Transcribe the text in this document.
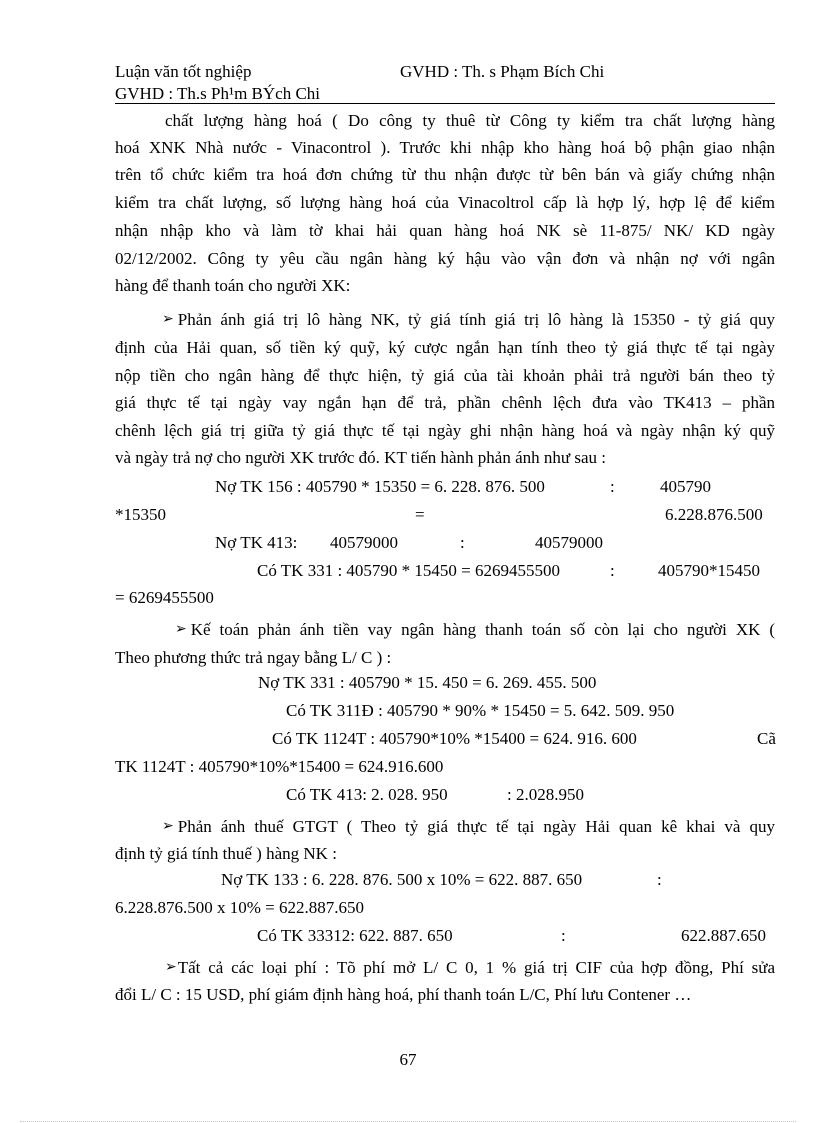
Luận văn tốt nghiệp	GVHD : Th. s Phạm Bích Chi
GVHD : Th.s Ph¹m BÝch Chi
chất lượng hàng hoá ( Do công ty thuê từ Công ty kiểm tra chất lượng hàng
hoá XNK Nhà nước - Vinacontrol ). Trước khi nhập kho hàng hoá bộ phận giao nhận
trên tổ chức kiểm tra hoá đơn chứng từ thu nhận được từ bên bán và giấy chứng nhận
kiểm tra chất lượng, số lượng hàng hoá của Vinacoltrol cấp là hợp lý, hợp lệ để kiểm
nhận nhập kho và làm tờ khai hải quan hàng hoá NK sè 11-875/ NK/ KD ngày
02/12/2002. Công ty yêu cầu ngân hàng ký hậu vào vận đơn và nhận nợ với ngân
hàng để thanh toán cho người XK:
➢ Phản ánh giá trị lô hàng NK, tỷ giá tính giá trị lô hàng là 15350 - tỷ giá quy
định của Hải quan, số tiền ký quỹ, ký cược ngắn hạn tính theo tỷ giá thực tế tại ngày
nộp tiền cho ngân hàng để thực hiện, tỷ giá của tài khoản phải trả người bán theo tỷ
giá thực tế tại ngày vay ngắn hạn để trả, phần chênh lệch đưa vào TK413 – phần
chênh lệch giá trị giữa tỷ giá thực tế tại ngày ghi nhận hàng hoá và ngày nhận ký quỹ
và ngày trả nợ cho người XK trước đó. KT tiến hành phản ánh như sau :
Nợ TK 156 : 405790 * 15350 = 6. 228. 876. 500	:	405790
*15350	=	6.228.876.500
Nợ TK 413: 40579000	:	40579000
Có TK 331 : 405790 * 15450 = 6269455500	:	405790*15450
= 6269455500
➢ Kế toán phản ánh tiền vay ngân hàng thanh toán số còn lại cho người XK (
Theo phương thức trả ngay bằng L/ C ) :
Nợ TK 331 : 405790 * 15. 450 = 6. 269. 455. 500
Có TK 311Đ : 405790 * 90% * 15450 = 5. 642. 509. 950
Có TK 1124T : 405790*10% *15400 = 624. 916. 600	Cã
TK 1124T : 405790*10%*15400 = 624.916.600
Có TK 413: 2. 028. 950	: 2.028.950
➢ Phản ánh thuế GTGT ( Theo tỷ giá thực tế tại ngày Hải quan kê khai và quy
định tỷ giá tính thuế ) hàng NK :
Nợ TK 133 : 6. 228. 876. 500 x 10% = 622. 887. 650	:
6.228.876.500 x 10% = 622.887.650
Có TK 33312: 622. 887. 650	:	622.887.650
➢ Tất cả các loại phí : Tõ phí mở L/ C 0, 1 % giá trị CIF của hợp đồng, Phí sửa
đổi L/ C : 15 USD, phí giám định hàng hoá, phí thanh toán L/C, Phí lưu Contener …
67
